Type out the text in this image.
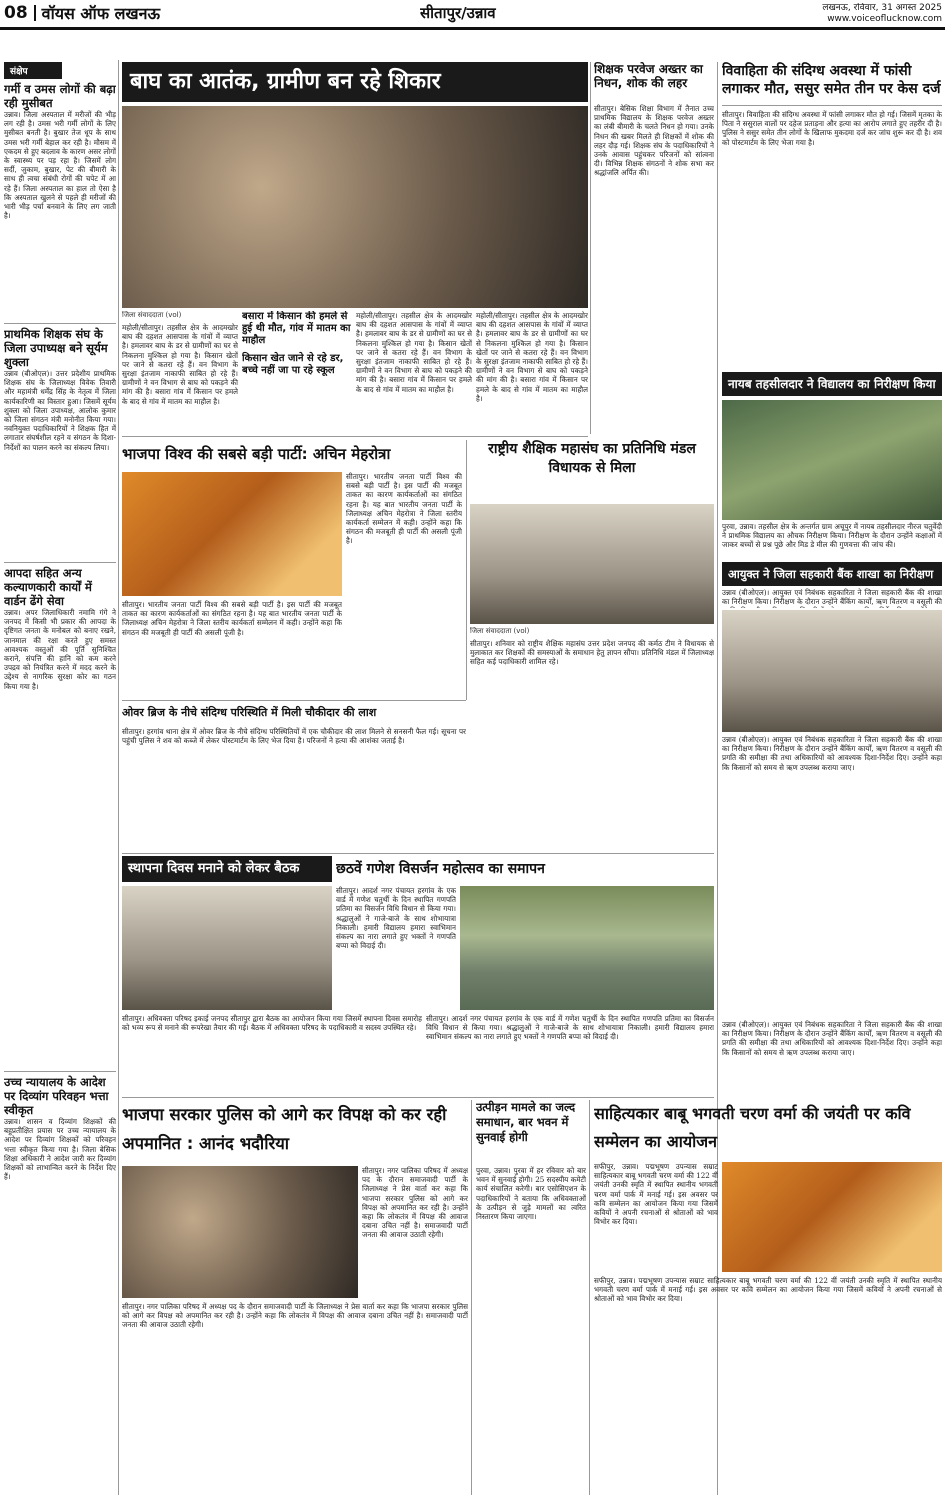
08 वॉयस ऑफ लखनऊ	सीतापुर/उन्नाव	लखनऊ, रविवार, 31 अगस्त 2025
www.voiceoflucknow.com
संक्षेप
गर्मी व उमस लोगों की बढ़ा रही मुसीबत
उन्नाव। जिला अस्पताल में मरीजों की भीड़ लग रही है। उमस भरी गर्मी लोगों के लिए मुसीबत बनती है। बुखार तेज धूप के साथ उमस भरी गर्मी बेहाल कर रही है। मौसम में एकदम से हुए बदलाव के कारण असर लोगों के स्वास्थ्य पर पड़ रहा है। जिसमें लोग सर्दी, जुकाम, बुखार, पेट की बीमारी के साथ ही त्वचा संबंधी रोगों की चपेट में आ रहे हैं। जिला अस्पताल का हाल तो ऐसा है कि अस्पताल खुलने से पहले ही मरीजों की भारी भीड़ पर्चा बनवाने के लिए लग जाती है।
प्राथमिक शिक्षक संघ के जिला उपाध्यक्ष बने सूर्यम शुक्ला
उन्नाव (बीओएल)। उत्तर प्रदेशीय प्राथमिक शिक्षक संघ के जिलाध्यक्ष विवेक तिवारी और महामंत्री धर्मेंद्र सिंह के नेतृत्व में जिला कार्यकारिणी का विस्तार हुआ। जिसमें सूर्यम शुक्ला को जिला उपाध्यक्ष, आलोक कुमार को जिला संगठन मंत्री मनोनीत किया गया। नवनियुक्त पदाधिकारियों ने शिक्षक हित में लगातार संघर्षशील रहने व संगठन के दिशा-निर्देशों का पालन करने का संकल्प लिया।
आपदा सहित अन्य कल्याणकारी कार्यों में वार्डन ढेंगे सेवा
उन्नाव। अपर जिलाधिकारी नमामि गंगे ने जनपद में किसी भी प्रकार की आपदा के दृष्टिगत जनता के मनोबल को बनाए रखने, जानमाल की रक्षा करते हुए समस्त आवश्यक वस्तुओं की पूर्ति सुनिश्चित कराने, संपत्ति की हानि को कम करने उपद्रव को नियंत्रित करने में मदद करने के उद्देश्य से नागरिक सुरक्षा कोर का गठन किया गया है।
उच्च न्यायालय के आदेश पर दिव्यांग परिवहन भत्ता स्वीकृत
उन्नाव। शासन व दिव्यांग शिक्षकों की बहुप्रतीक्षित प्रयास पर उच्च न्यायालय के आदेश पर दिव्यांग शिक्षकों को परिवहन भत्ता स्वीकृत किया गया है। जिला बेसिक शिक्षा अधिकारी ने आदेश जारी कर दिव्यांग शिक्षकों को लाभान्वित करने के निर्देश दिए हैं।
बाघ का आतंक, ग्रामीण बन रहे शिकार
जिला संवाददाता (vol)
महोली/सीतापुर। तहसील क्षेत्र के आदमखोर बाघ की दहशत आसपास के गांवों में व्याप्त है। हमलावर बाघ के डर से ग्रामीणों का घर से निकलना मुश्किल हो गया है। किसान खेतों पर जाने से कतरा रहे हैं। वन विभाग के सुरक्षा इंतजाम नाकाफी साबित हो रहे हैं। ग्रामीणों ने वन विभाग से बाघ को पकड़ने की मांग की है। बसारा गांव में किसान पर हमले के बाद से गांव में मातम का माहौल है।
बसारा में किसान की हमले से हुई थी मौत, गांव में मातम का माहौल
किसान खेत जाने से रहे डर, बच्चे नहीं जा पा रहे स्कूल
महोली/सीतापुर। तहसील क्षेत्र के आदमखोर बाघ की दहशत आसपास के गांवों में व्याप्त है। हमलावर बाघ के डर से ग्रामीणों का घर से निकलना मुश्किल हो गया है। किसान खेतों पर जाने से कतरा रहे हैं। वन विभाग के सुरक्षा इंतजाम नाकाफी साबित हो रहे हैं। ग्रामीणों ने वन विभाग से बाघ को पकड़ने की मांग की है। बसारा गांव में किसान पर हमले के बाद से गांव में मातम का माहौल है।
महोली/सीतापुर। तहसील क्षेत्र के आदमखोर बाघ की दहशत आसपास के गांवों में व्याप्त है। हमलावर बाघ के डर से ग्रामीणों का घर से निकलना मुश्किल हो गया है। किसान खेतों पर जाने से कतरा रहे हैं। वन विभाग के सुरक्षा इंतजाम नाकाफी साबित हो रहे हैं। ग्रामीणों ने वन विभाग से बाघ को पकड़ने की मांग की है। बसारा गांव में किसान पर हमले के बाद से गांव में मातम का माहौल है।
शिक्षक परवेज अख्तर का निधन, शोक की लहर
सीतापुर। बेसिक शिक्षा विभाग में तैनात उच्च प्राथमिक विद्यालय के शिक्षक परवेज अख्तर का लंबी बीमारी के चलते निधन हो गया। उनके निधन की खबर मिलते ही शिक्षकों में शोक की लहर दौड़ गई। शिक्षक संघ के पदाधिकारियों ने उनके आवास पहुंचकर परिजनों को सांत्वना दी। विभिन्न शिक्षक संगठनों ने शोक सभा कर श्रद्धांजलि अर्पित की।
विवाहिता की संदिग्ध अवस्था में फांसी लगाकर मौत, ससुर समेत तीन पर केस दर्ज
सीतापुर। विवाहिता की संदिग्ध अवस्था में फांसी लगाकर मौत हो गई। जिसमें मृतका के पिता ने ससुराल वालों पर दहेज प्रताड़ना और हत्या का आरोप लगाते हुए तहरीर दी है। पुलिस ने ससुर समेत तीन लोगों के खिलाफ मुकदमा दर्ज कर जांच शुरू कर दी है। शव को पोस्टमार्टम के लिए भेजा गया है।
नायब तहसीलदार ने विद्यालय का निरीक्षण किया
पुरवा, उन्नाव। तहसील क्षेत्र के अन्तर्गत ग्राम अचूपुर में नायब तहसीलदार नीरज चतुर्वेदी ने प्राथमिक विद्यालय का औचक निरीक्षण किया। निरीक्षण के दौरान उन्होंने कक्षाओं में जाकर बच्चों से प्रश्न पूछे और मिड डे मील की गुणवत्ता की जांच की।
आयुक्त ने जिला सहकारी बैंक शाखा का निरीक्षण
उन्नाव (बीओएल)। आयुक्त एवं निबंधक सहकारिता ने जिला सहकारी बैंक की शाखा का निरीक्षण किया। निरीक्षण के दौरान उन्होंने बैंकिंग कार्यों, ऋण वितरण व वसूली की
उन्नाव (बीओएल)। आयुक्त एवं निबंधक सहकारिता ने जिला सहकारी बैंक की शाखा का निरीक्षण किया। निरीक्षण के दौरान उन्होंने बैंकिंग कार्यों, ऋण वितरण व वसूली की प्रगति की समीक्षा की तथा अधिकारियों को आवश्यक दिशा-निर्देश दिए। उन्होंने कहा कि किसानों को समय से ऋण उपलब्ध कराया जाए।
भाजपा विश्व की सबसे बड़ी पार्टी: अचिन मेहरोत्रा
सीतापुर। भारतीय जनता पार्टी विश्व की सबसे बड़ी पार्टी है। इस पार्टी की मजबूत ताकत का कारण कार्यकर्ताओं का संगठित रहना है। यह बात भारतीय जनता पार्टी के जिलाध्यक्ष अचिन मेहरोत्रा ने जिला स्तरीय कार्यकर्ता सम्मेलन में कही। उन्होंने कहा कि संगठन की मजबूती ही पार्टी की असली पूंजी है।
सीतापुर। भारतीय जनता पार्टी विश्व की सबसे बड़ी पार्टी है। इस पार्टी की मजबूत ताकत का कारण कार्यकर्ताओं का संगठित रहना है। यह बात भारतीय जनता पार्टी के जिलाध्यक्ष अचिन मेहरोत्रा ने जिला स्तरीय कार्यकर्ता सम्मेलन में कही। उन्होंने कहा कि संगठन की मजबूती ही पार्टी की असली पूंजी है।
राष्ट्रीय शैक्षिक महासंघ का प्रतिनिधि मंडल विधायक से मिला
जिला संवाददाता (vol)
सीतापुर। शनिवार को राष्ट्रीय शैक्षिक महासंघ उत्तर प्रदेश जनपद की कर्मठ टीम ने विधायक से मुलाकात कर शिक्षकों की समस्याओं के समाधान हेतु ज्ञापन सौंपा। प्रतिनिधि मंडल में जिलाध्यक्ष सहित कई पदाधिकारी शामिल रहे।
ओवर ब्रिज के नीचे संदिग्ध परिस्थिति में मिली चौकीदार की लाश
सीतापुर। हरगांव थाना क्षेत्र में ओवर ब्रिज के नीचे संदिग्ध परिस्थितियों में एक चौकीदार की लाश मिलने से सनसनी फैल गई। सूचना पर पहुंची पुलिस ने शव को कब्जे में लेकर पोस्टमार्टम के लिए भेज दिया है। परिजनों ने हत्या की आशंका जताई है।
स्थापना दिवस मनाने को लेकर बैठक
सीतापुर। अधिवक्ता परिषद इकाई जनपद सीतापुर द्वारा बैठक का आयोजन किया गया जिसमें स्थापना दिवस समारोह को भव्य रूप से मनाने की रूपरेखा तैयार की गई। बैठक में अधिवक्ता परिषद के पदाधिकारी व सदस्य उपस्थित रहे।
छठवें गणेश विसर्जन महोत्सव का समापन
सीतापुर। आदर्श नगर पंचायत हरगांव के एक वार्ड में गणेश चतुर्थी के दिन स्थापित गणपति प्रतिमा का विसर्जन विधि विधान से किया गया। श्रद्धालुओं ने गाजे-बाजे के साथ शोभायात्रा निकाली। हमारी विद्यालय हमारा स्वाभिमान संकल्प का नारा लगाते हुए भक्तों ने गणपति बप्पा को विदाई दी।
सीतापुर। आदर्श नगर पंचायत हरगांव के एक वार्ड में गणेश चतुर्थी के दिन स्थापित गणपति प्रतिमा का विसर्जन विधि विधान से किया गया। श्रद्धालुओं ने गाजे-बाजे के साथ शोभायात्रा निकाली। हमारी विद्यालय हमारा स्वाभिमान संकल्प का नारा लगाते हुए भक्तों ने गणपति बप्पा को विदाई दी।
भाजपा सरकार पुलिस को आगे कर विपक्ष को कर रही अपमानित : आनंद भदौरिया
सीतापुर। नगर पालिका परिषद में अध्यक्ष पद के दौरान समाजवादी पार्टी के जिलाध्यक्ष ने प्रेस वार्ता कर कहा कि भाजपा सरकार पुलिस को आगे कर विपक्ष को अपमानित कर रही है। उन्होंने कहा कि लोकतंत्र में विपक्ष की आवाज दबाना उचित नहीं है। समाजवादी पार्टी जनता की आवाज उठाती रहेगी।
सीतापुर। नगर पालिका परिषद में अध्यक्ष पद के दौरान समाजवादी पार्टी के जिलाध्यक्ष ने प्रेस वार्ता कर कहा कि भाजपा सरकार पुलिस को आगे कर विपक्ष को अपमानित कर रही है। उन्होंने कहा कि लोकतंत्र में विपक्ष की आवाज दबाना उचित नहीं है। समाजवादी पार्टी जनता की आवाज उठाती रहेगी।
उत्पीड़न मामले का जल्द समाधान, बार भवन में सुनवाई होगी
पुरवा, उन्नाव। पुरवा में हर रविवार को बार भवन में सुनवाई होगी। 25 सदस्यीय कमेटी कार्य संचालित करेगी। बार एसोसिएशन के पदाधिकारियों ने बताया कि अधिवक्ताओं के उत्पीड़न से जुड़े मामलों का त्वरित निस्तारण किया जाएगा।
साहित्यकार बाबू भगवती चरण वर्मा की जयंती पर कवि सम्मेलन का आयोजन
सफीपुर, उन्नाव। पद्मभूषण उपन्यास सम्राट साहित्यकार बाबू भगवती चरण वर्मा की 122 वीं जयंती उनकी स्मृति में स्थापित स्थानीय भगवती चरण वर्मा पार्क में मनाई गई। इस अवसर पर कवि सम्मेलन का आयोजन किया गया जिसमें कवियों ने अपनी रचनाओं से श्रोताओं को भाव विभोर कर दिया।
सफीपुर, उन्नाव। पद्मभूषण उपन्यास सम्राट साहित्यकार बाबू भगवती चरण वर्मा की 122 वीं जयंती उनकी स्मृति में स्थापित स्थानीय भगवती चरण वर्मा पार्क में मनाई गई। इस अवसर पर कवि सम्मेलन का आयोजन किया गया जिसमें कवियों ने अपनी रचनाओं से श्रोताओं को भाव विभोर कर दिया।
उन्नाव (बीओएल)। आयुक्त एवं निबंधक सहकारिता ने जिला सहकारी बैंक की शाखा का निरीक्षण किया। निरीक्षण के दौरान उन्होंने बैंकिंग कार्यों, ऋण वितरण व वसूली की प्रगति की समीक्षा की तथा अधिकारियों को आवश्यक दिशा-निर्देश दिए। उन्होंने कहा कि किसानों को समय से ऋण उपलब्ध कराया जाए।
